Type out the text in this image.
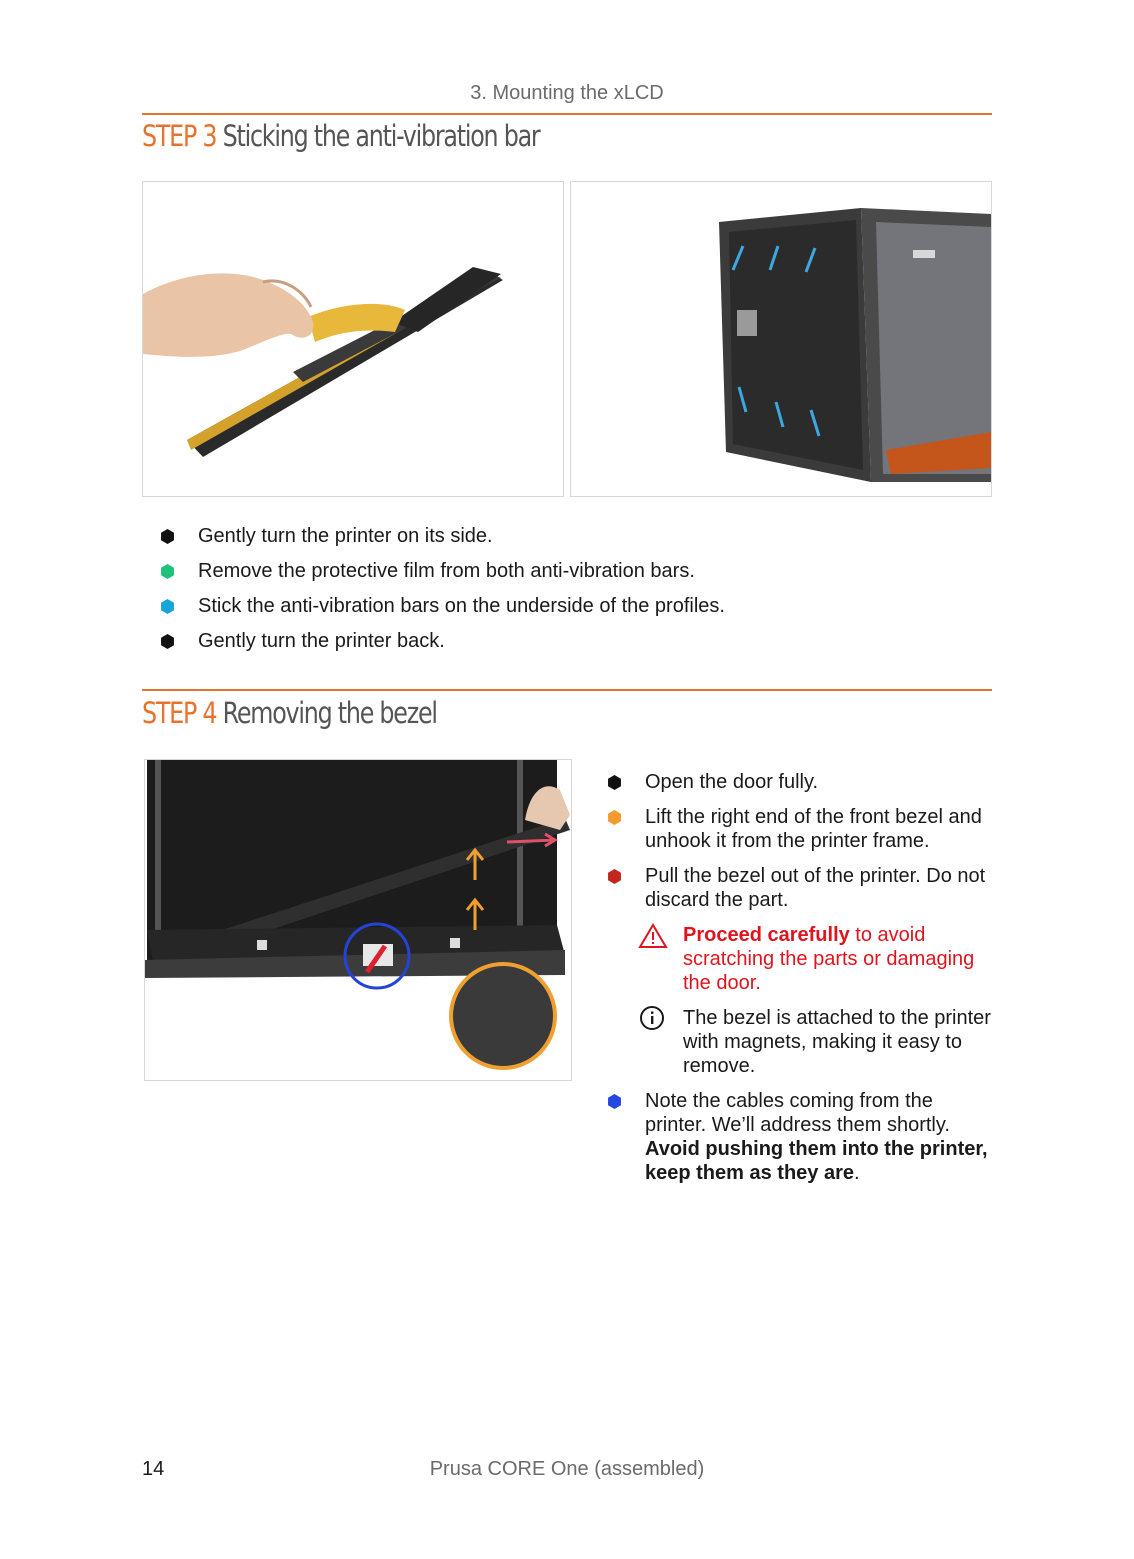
3. Mounting the xLCD
STEP 3 Sticking the anti-vibration bar
Gently turn the printer on its side.
Remove the protective film from both anti-vibration bars.
Stick the anti-vibration bars on the underside of the profiles.
Gently turn the printer back.
STEP 4 Removing the bezel
Open the door fully.
Lift the right end of the front bezel and unhook it from the printer frame.
Pull the bezel out of the printer. Do not discard the part.
Proceed carefully to avoid scratching the parts or damaging the door.
The bezel is attached to the printer with magnets, making it easy to remove.
Note the cables coming from the printer. We’ll address them shortly. Avoid pushing them into the printer, keep them as they are.
14	Prusa CORE One (assembled)
